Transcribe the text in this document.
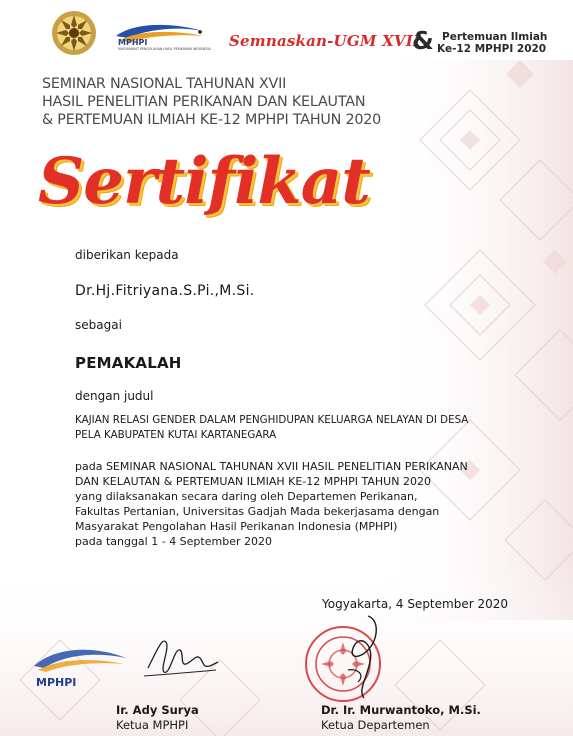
MPHPI
MASYARAKAT PENGOLAHAN HASIL PERIKANAN INDONESIA Semnaskan-UGM XVII
& Pertemuan Ilmiah
Ke-12 MPHPI 2020
SEMINAR NASIONAL TAHUNAN XVII
HASIL PENELITIAN PERIKANAN DAN KELAUTAN
& PERTEMUAN ILMIAH KE-12 MPHPI TAHUN 2020
Sertifikat
diberikan kepada
Dr.Hj.Fitriyana.S.Pi.,M.Si.
sebagai
PEMAKALAH
dengan judul
KAJIAN RELASI GENDER DALAM PENGHIDUPAN KELUARGA NELAYAN DI DESA
PELA KABUPATEN KUTAI KARTANEGARA
pada SEMINAR NASIONAL TAHUNAN XVII HASIL PENELITIAN PERIKANAN
DAN KELAUTAN & PERTEMUAN ILMIAH KE-12 MPHPI TAHUN 2020
yang dilaksanakan secara daring oleh Departemen Perikanan,
Fakultas Pertanian, Universitas Gadjah Mada bekerjasama dengan
Masyarakat Pengolahan Hasil Perikanan Indonesia (MPHPI)
pada tanggal 1 - 4 September 2020
Yogyakarta, 4 September 2020
MPHPI
Ir. Ady Surya
Ketua MPHPI
Dr. Ir. Murwantoko, M.Si.
Ketua Departemen
